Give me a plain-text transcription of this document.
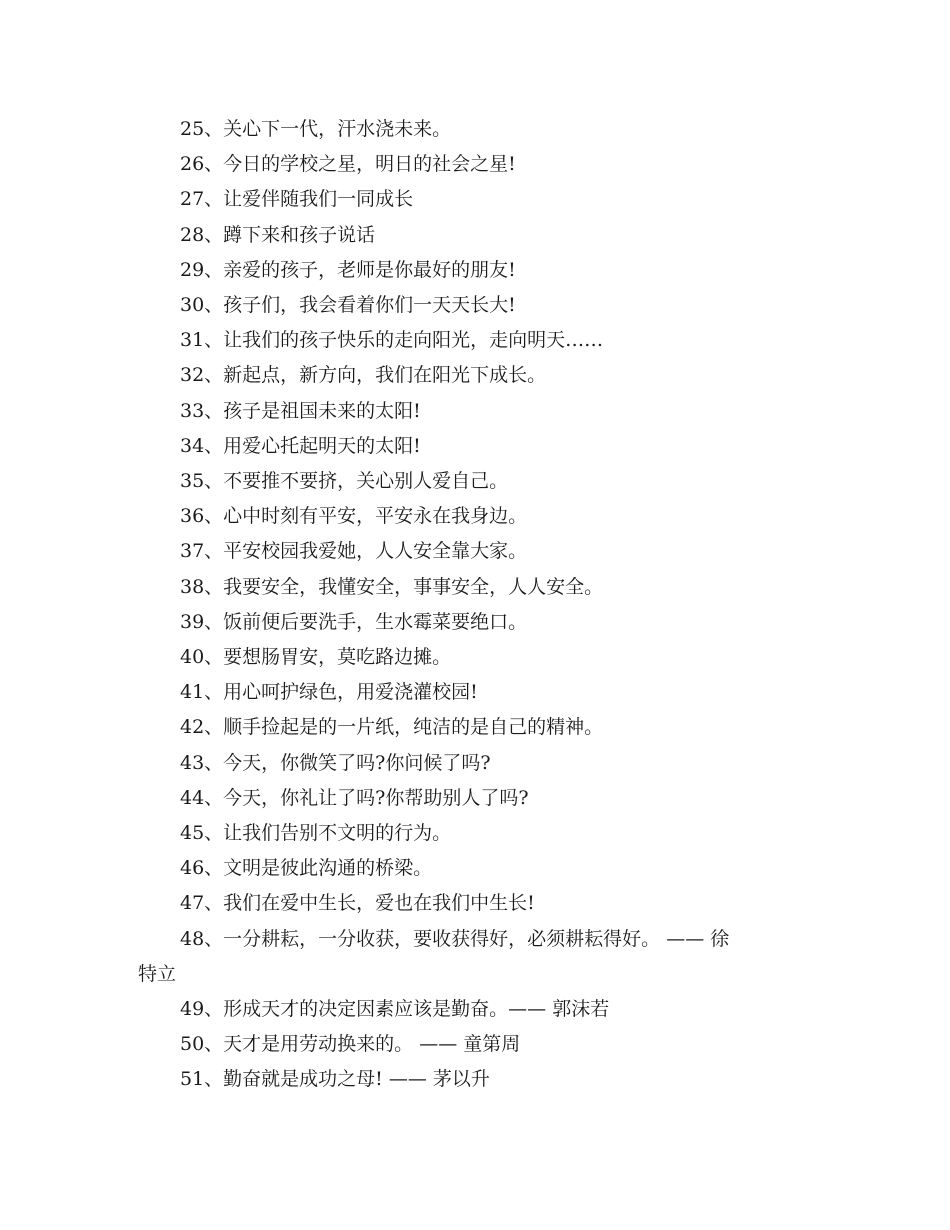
25、关心下一代，汗水浇未来。

26、今日的学校之星，明日的社会之星!

27、让爱伴随我们一同成长

28、蹲下来和孩子说话

29、亲爱的孩子，老师是你最好的朋友!

30、孩子们，我会看着你们一天天长大!

31、让我们的孩子快乐的走向阳光，走向明天……

32、新起点，新方向，我们在阳光下成长。

33、孩子是祖国未来的太阳!

34、用爱心托起明天的太阳!

35、不要推不要挤，关心别人爱自己。

36、心中时刻有平安，平安永在我身边。

37、平安校园我爱她，人人安全靠大家。

38、我要安全，我懂安全，事事安全，人人安全。

39、饭前便后要洗手，生水霉菜要绝口。

40、要想肠胃安，莫吃路边摊。

41、用心呵护绿色，用爱浇灌校园!

42、顺手捡起是的一片纸，纯洁的是自己的精神。

43、今天，你微笑了吗?你问候了吗?

44、今天，你礼让了吗?你帮助别人了吗?

45、让我们告别不文明的行为。

46、文明是彼此沟通的桥梁。

47、我们在爱中生长，爱也在我们中生长!

48、一分耕耘，一分收获，要收获得好，必须耕耘得好。 —— 徐
特立

49、形成天才的决定因素应该是勤奋。—— 郭沫若

50、天才是用劳动换来的。 —— 童第周

51、勤奋就是成功之母! —— 茅以升
